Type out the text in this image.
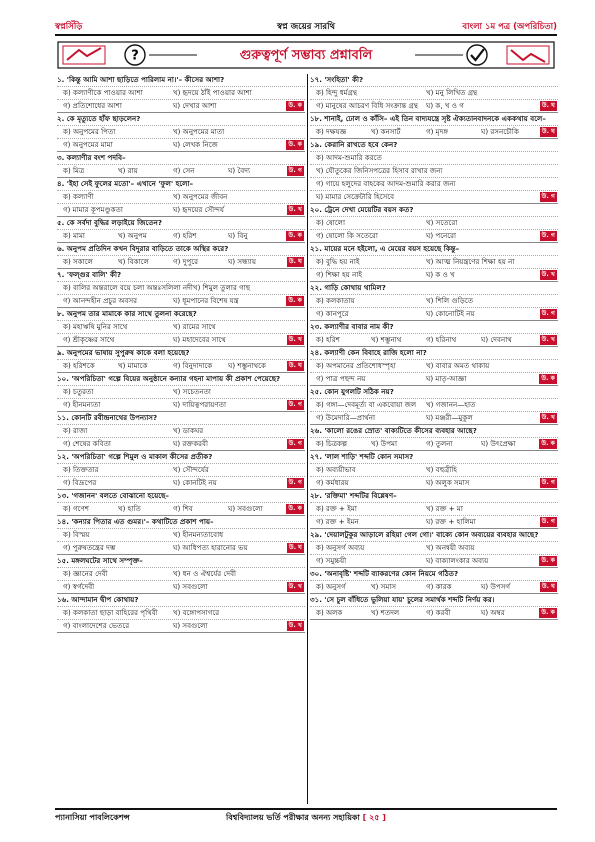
স্বপ্নসিঁড়ি	স্বপ্ন জয়ের সারথি	বাংলা ১ম পত্র (অপরিচিতা)
?	গুরুত্বপূর্ণ সম্ভাব্য প্রশ্নাবলি
১. 'কিন্তু আমি আশা ছাড়িতে পারিলাম না।'– কীসের আশা?
ক) কল্যাণীকে পাওয়ার আশা	খ) হৃদয়ে ঠাঁই পাওয়ার আশা
গ) প্রতিশোধের আশা	ঘ) দেখার আশা	উ. ক
২. কে মৃত্যুতে হাঁফ ছাড়লেন?
ক) অনুপমের পিতা	খ) অনুপমের মাতা
গ) অনুপমের মামা	ঘ) লেখক নিজে	উ. ক
৩. কল্যাণীর বংশ পদবি–
ক) মিত্র	খ) রায়	গ) সেন	ঘ) বৈদ্য	উ. গ
৪. 'ইহা সেই ফুলের মতো'– এখানে 'ফুল' হলো–
ক) কল্যাণী	খ) অনুপমের জীবন
গ) মামার কূপমণ্ডুকতা	ঘ) হৃদয়ের সৌন্দর্য	উ. খ
৫. কে সর্বদা বুদ্ধির লড়াইয়ে জিতেন?
ক) মামা	খ) অনুপম	গ) হরিশ	ঘ) বিনু	উ. ক
৬. অনুপম প্রতিদিন কখন বিদুরার বাড়িতে তাকে অস্থির করে?
ক) সকালে	খ) বিকালে	গ) দুপুরে	ঘ) সন্ধ্যায়	উ. ঘ
৭. 'ফল্গুর বালি' কী?
ক) বালির অন্তরালে বয়ে চলা অন্তঃসলিলা নদী খ) শিমুল তুলার গাছ
গ) আনন্দহীন প্রচুর অবসর	ঘ) ধূমপানের বিশেষ যন্ত্র	উ. ক
৮. অনুপম তার মামাকে কার সাথে তুলনা করেছে?
ক) মহাঋষি মুনির সাথে	খ) রামের সাথে
গ) শ্রীকৃষ্ণের সাথে	ঘ) মহাদেবের সাথে	উ. খ
৯. অনুপমের ভাষায় সুপুরুষ কাকে বলা হয়েছে?
ক) হরিশকে	খ) মামাকে	গ) বিনুদাদাকে	ঘ) শম্ভুনাথকে	উ. ঘ
১০. 'অপরিচিতা' গল্পে বিয়ের অনুষ্ঠানে কন্যার গহনা মাপায় কী প্রকাশ পেয়েছে?
ক) চতুরতা	খ) সচেতনতা
গ) হীনমন্যতা	ঘ) দায়িত্বপরায়ণতা	উ. গ
১১. কোনটি রবীন্দ্রনাথের উপন্যাস?
ক) রাজা	খ) ডাকঘর
গ) শেষের কবিতা	ঘ) রক্তকরবী	উ. গ
১২. 'অপরিচিতা' গল্পে শিমুল ও মাকাল কীসের প্রতীক?
ক) তিক্ততার	খ) সৌন্দর্যের
গ) বিদ্রূপের	ঘ) কোনটিই নয়	উ. গ
১৩. 'গজানন' বলতে বোঝানো হয়েছে–
ক) গণেশ	খ) হাতি	গ) শিব	ঘ) সবগুলো	উ. ক
১৪. 'কন্যার পিতার এত গুমর।'– কথাটিতে প্রকাশ পায়–
ক) বিস্ময়	খ) হীনমন্যতাবোধ
গ) পুরুষতন্ত্রের দম্ভ	ঘ) আধিপত্য হারানোর ভয়	উ. ঘ
১৫. মঙ্গলঘটের সাথে সম্পৃক্ত–
ক) জ্ঞানের দেবী	খ) ধন ও ঐশ্বর্যের দেবী
গ) স্বর্গদেবী	ঘ) সবগুলো	উ. খ
১৬. আন্দামান দ্বীপ কোথায়?
ক) কলকাতা ছাড়া বাহিরের পৃথিবী	খ) বঙ্গোপসাগরে
গ) বাংলাদেশের ভেতরে	ঘ) সবগুলো	উ. খ
১৭. 'সংহিতা' কী?
ক) হিন্দু ধর্মগ্রন্থ	খ) মনু লিখিত গ্রন্থ
গ) মানুষের আচরণ বিধি সংক্রান্ত গ্রন্থ	ঘ) ক, খ ও গ	উ. ঘ
১৮. শানাই, ঢোল ও কাঁসি– এই তিন বাদ্যযন্ত্রে সৃষ্ট ঐক্যতানবাদনকে এককথায় বলে–
ক) দক্ষযজ্ঞ	খ) কনসার্ট	গ) মৃদঙ্গ	ঘ) রসনচৌকি	উ. ঘ
১৯. কেরানি রাখতে হবে কেন?
ক) আদম-শুমারি করতে
খ) যৌতুকের জিনিসপত্রের হিসাব রাখার জন্য
গ) গায়ে হলুদের বাহকের আদম-শুমারি করার জন্য
ঘ) মামার সেক্রেটারি হিসেবে	উ. গ
২০. ট্রেনে দেখা মেয়েটির বয়স কত?
ক) ষোলো	খ) সতেরো
গ) ষোলো কি সতেরো	ঘ) পনেরো	উ. গ
২১. মায়ের মনে হইলো, এ মেয়ের বয়স হয়েছে কিন্তু–
ক) বুদ্ধি হয় নাই	খ) আত্ম নিয়ন্ত্রণের শিক্ষা হয় না
গ) শিক্ষা হয় নাই	ঘ) ক ও খ	উ. খ
২২. গাড়ি কোথায় থামিল?
ক) কলকাতায়	খ) শিলি গুড়িতে
গ) কানপুরে	ঘ) কোনোটিই নয়	উ. গ
২৩. কল্যাণীর বাবার নাম কী?
ক) হরিশ	খ) শম্ভুনাথ	গ) হরিনাথ	ঘ) দেবনাথ	উ. খ
২৪. কল্যাণী কেন বিবাহে রাজি হলো না?
ক) অপমানের প্রতিশোধস্পৃহা	খ) বাবার অমত থাকায়
গ) পাত্র পছন্দ নয়	ঘ) মাতৃ-আজ্ঞা	উ. ক
২৫. কোন যুগলটি সঠিক নয়?
ক) গঙ্গা—দেবমূর্ত্য বা একবোয়া জল	খ) গজানন—হাত
গ) উমেদারি—প্রার্থনা	ঘ) মঞ্জরী—মুকুল	উ. খ
২৬. 'কালো রঙের স্রোত' বাক্যটিতে কীসের ব্যবহার আছে?
ক) চিত্রকল্প	খ) উপমা	গ) তুলনা	ঘ) উৎপ্রেক্ষা	উ. ক
২৭. 'লাল শাড়ি' শব্দটি কোন সমাস?
ক) অব্যয়ীভাব	খ) বহুব্রীহি
গ) কর্মধারয়	ঘ) অলুক সমাস	উ. গ
২৮. 'রক্তিমা' শব্দটির বিশ্লেষণ–
ক) রক্ত + ইমা	খ) রক্ত + মা
গ) রক্ত + ইমন	ঘ) রক্ত + হালিমা	উ. গ
২৯. 'দেয়ালটুকুর আড়ালে রহিয়া গেল গো।' বাক্যে কোন অব্যয়ের ব্যবহার আছে?
ক) অনুসর্গ অব্যয়	খ) অনন্বয়ী অব্যয়
গ) সমুচ্চয়ী	ঘ) বাক্যালংকার অব্যয়	উ. ক
৩০. 'অনাবৃষ্টি' শব্দটি ব্যাকরণের কোন নিয়মে গঠিত?
ক) অনুসর্গ	খ) সমাস	গ) কারক	ঘ) উপসর্গ	উ. ঘ
৩১. 'সে চুল বাঁধিতে ভুলিয়া যায়' চুলের সমার্থক শব্দটি নির্ণয় কর।
ক) অলক	খ) শতদল	গ) করবী	ঘ) অম্বর	উ. ক
প্যানাসিয়া পাবলিকেশন্স	বিশ্ববিদ্যালয় ভর্তি পরীক্ষার অনন্য সহায়িকা [ ২৫ ]
